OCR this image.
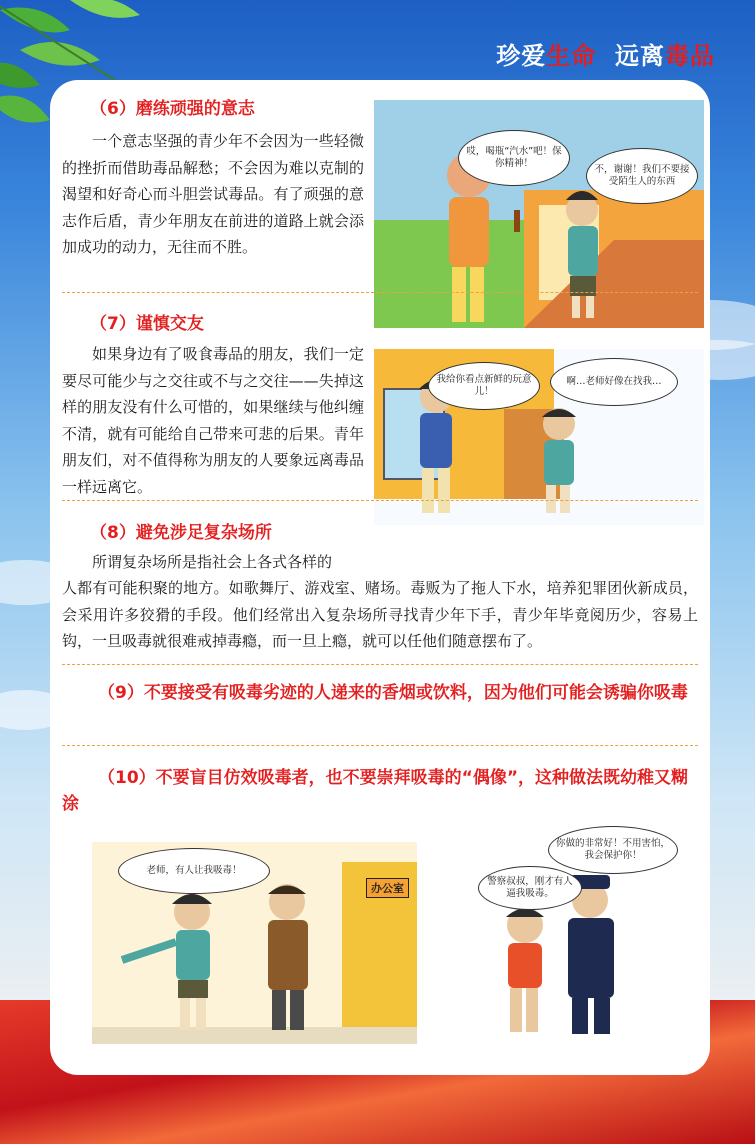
珍爱生命 远离毒品
（6）磨练顽强的意志
一个意志坚强的青少年不会因为一些轻微的挫折而借助毒品解愁；不会因为难以克制的渴望和好奇心而斗胆尝试毒品。有了顽强的意志作后盾，青少年朋友在前进的道路上就会添加成功的动力，无往而不胜。
哎，喝瓶“汽水”吧！保你精神！
不，谢谢！我们不要接受陌生人的东西
（7）谨慎交友
如果身边有了吸食毒品的朋友，我们一定要尽可能少与之交往或不与之交往——失掉这样的朋友没有什么可惜的，如果继续与他纠缠不清，就有可能给自己带来可悲的后果。青年朋友们，对不值得称为朋友的人要象远离毒品一样远离它。
我给你看点新鲜的玩意儿！
啊…老师好像在找我…
（8）避免涉足复杂场所
所谓复杂场所是指社会上各式各样的
人都有可能积聚的地方。如歌舞厅、游戏室、赌场。毒贩为了拖人下水，培养犯罪团伙新成员，会采用许多狡猾的手段。他们经常出入复杂场所寻找青少年下手，青少年毕竟阅历少，容易上钩，一旦吸毒就很难戒掉毒瘾，而一旦上瘾，就可以任他们随意摆布了。
（9）不要接受有吸毒劣迹的人递来的香烟或饮料，因为他们可能会诱骗你吸毒
（10）不要盲目仿效吸毒者，也不要崇拜吸毒的“偶像”，这种做法既幼稚又糊涂
老师，有人让我吸毒！
办公室
你做的非常好！不用害怕，我会保护你！
警察叔叔，刚才有人逼我吸毒。
